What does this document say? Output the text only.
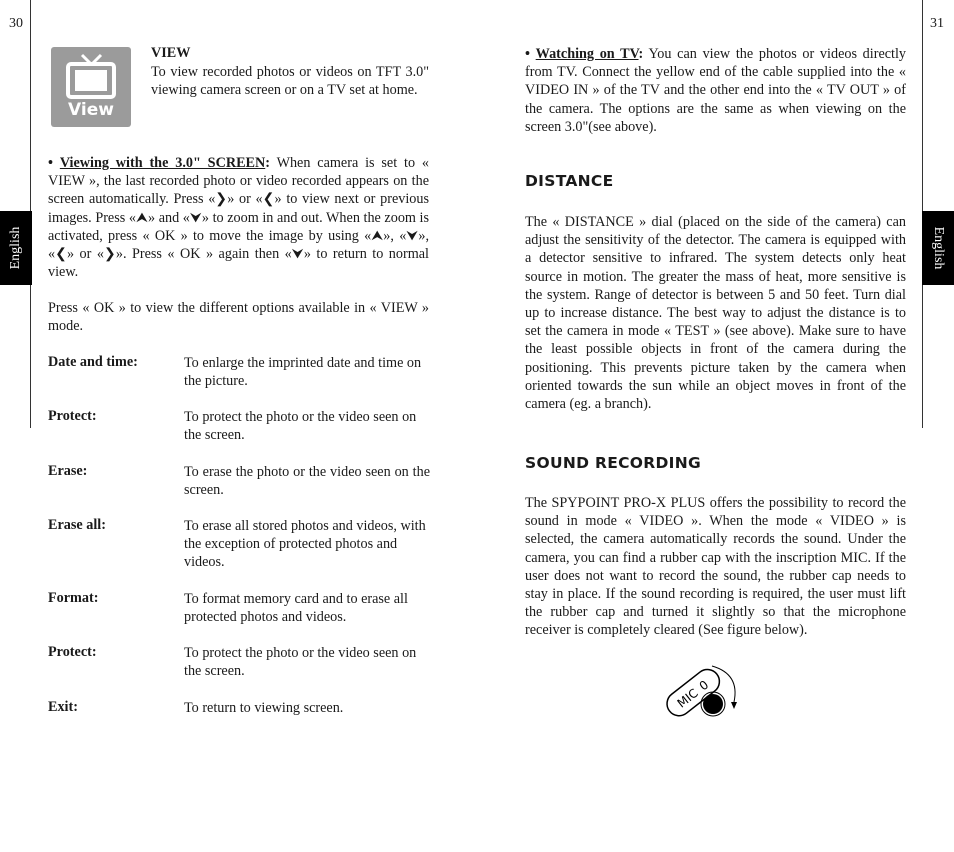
30	31
English	English
View
VIEW
To view recorded photos or videos on TFT 3.0" viewing camera screen or on a TV set at home.
• Viewing with the 3.0" SCREEN: When camera is set to « VIEW », the last recorded photo or video recorded appears on the screen automatically. Press «❯» or «❮» to view next or previous images. Press «⮝» and «⮟» to zoom in and out. When the zoom is activated, press « OK » to move the image by using «⮝», «⮟», «❮» or «❯». Press « OK » again then «⮟» to return to normal view.
Press « OK » to view the different options available in « VIEW » mode.
Date and time:	To enlarge the imprinted date and time on the picture.
Protect:	To protect the photo or the video seen on the screen.
Erase:	To erase the photo or the video seen on the screen.
Erase all:	To erase all stored photos and videos, with the exception of protected photos and videos.
Format:	To format memory card and to erase all protected photos and videos.
Protect:	To protect the photo or the video seen on the screen.
Exit:	To return to viewing screen.
• Watching on TV: You can view the photos or videos directly from TV. Connect the yellow end of the cable supplied into the « VIDEO IN » of the TV and the other end into the « TV OUT » of the camera. The options are the same as when viewing on the screen 3.0"(see above).
DISTANCE
The « DISTANCE » dial (placed on the side of the camera) can adjust the sensitivity of the detector. The camera is equipped with a detector sensitive to infrared. The system detects only heat source in motion. The greater the mass of heat, more sensitive is the system. Range of detector is between 5 and 50 feet. Turn dial up to increase distance. The best way to adjust the distance is to set the camera in mode « TEST » (see above). Make sure to have the least possible objects in front of the camera during the positioning. This prevents picture taken by the camera when oriented towards the sun while an object moves in front of the camera (eg. a branch).
SOUND RECORDING
The SPYPOINT PRO-X PLUS offers the possibility to record the sound in mode « VIDEO ». When the mode « VIDEO » is selected, the camera automatically records the sound. Under the camera, you can find a rubber cap with the inscription MIC. If the user does not want to record the sound, the rubber cap needs to stay in place. If the sound recording is required, the user must lift the rubber cap and turned it slightly so that the microphone receiver is completely cleared (See figure below).
MIC
0
